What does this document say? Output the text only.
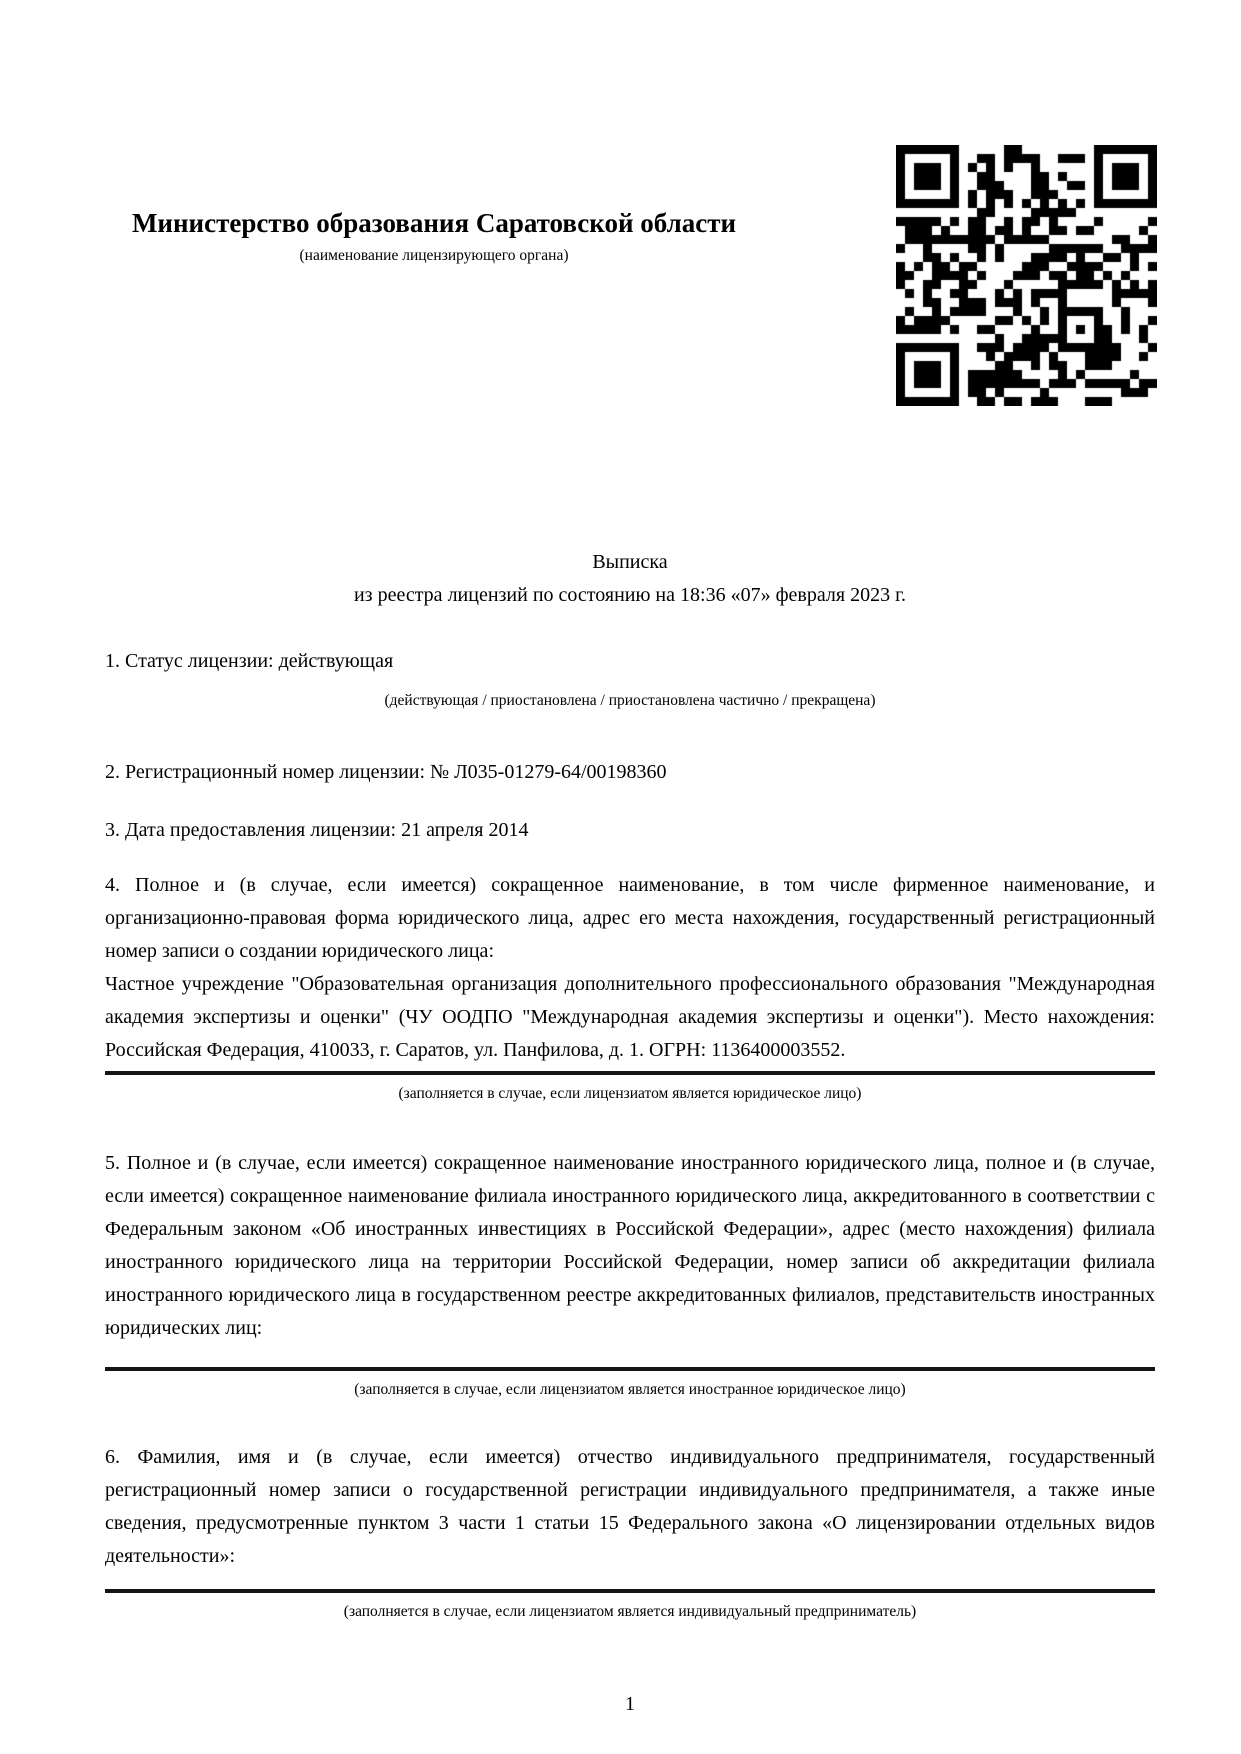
Министерство образования Саратовской области
(наименование лицензирующего органа)
Выписка
из реестра лицензий по состоянию на 18:36 «07» февраля 2023 г.

1. Статус лицензии: действующая

(действующая / приостановлена / приостановлена частично / прекращена)

2. Регистрационный номер лицензии: № Л035-01279-64/00198360

3. Дата предоставления лицензии: 21 апреля 2014

4. Полное и (в случае, если имеется) сокращенное наименование, в том числе фирменное наименование, и организационно-правовая форма юридического лица, адрес его места нахождения, государственный регистрационный номер записи о создании юридического лица:

Частное учреждение "Образовательная организация дополнительного профессионального образования "Международная академия экспертизы и оценки" (ЧУ ООДПО "Международная академия экспертизы и оценки"). Место нахождения: Российская Федерация, 410033, г. Саратов, ул. Панфилова, д. 1. ОГРН: 1136400003552.

(заполняется в случае, если лицензиатом является юридическое лицо)

5. Полное и (в случае, если имеется) сокращенное наименование иностранного юридического лица, полное и (в случае, если имеется) сокращенное наименование филиала иностранного юридического лица, аккредитованного в соответствии с Федеральным законом «Об иностранных инвестициях в Российской Федерации», адрес (место нахождения) филиала иностранного юридического лица на территории Российской Федерации, номер записи об аккредитации филиала иностранного юридического лица в государственном реестре аккредитованных филиалов, представительств иностранных юридических лиц:

(заполняется в случае, если лицензиатом является иностранное юридическое лицо)

6. Фамилия, имя и (в случае, если имеется) отчество индивидуального предпринимателя, государственный регистрационный номер записи о государственной регистрации индивидуального предпринимателя, а также иные сведения, предусмотренные пунктом 3 части 1 статьи 15 Федерального закона «О лицензировании отдельных видов деятельности»:

(заполняется в случае, если лицензиатом является индивидуальный предприниматель)

1
